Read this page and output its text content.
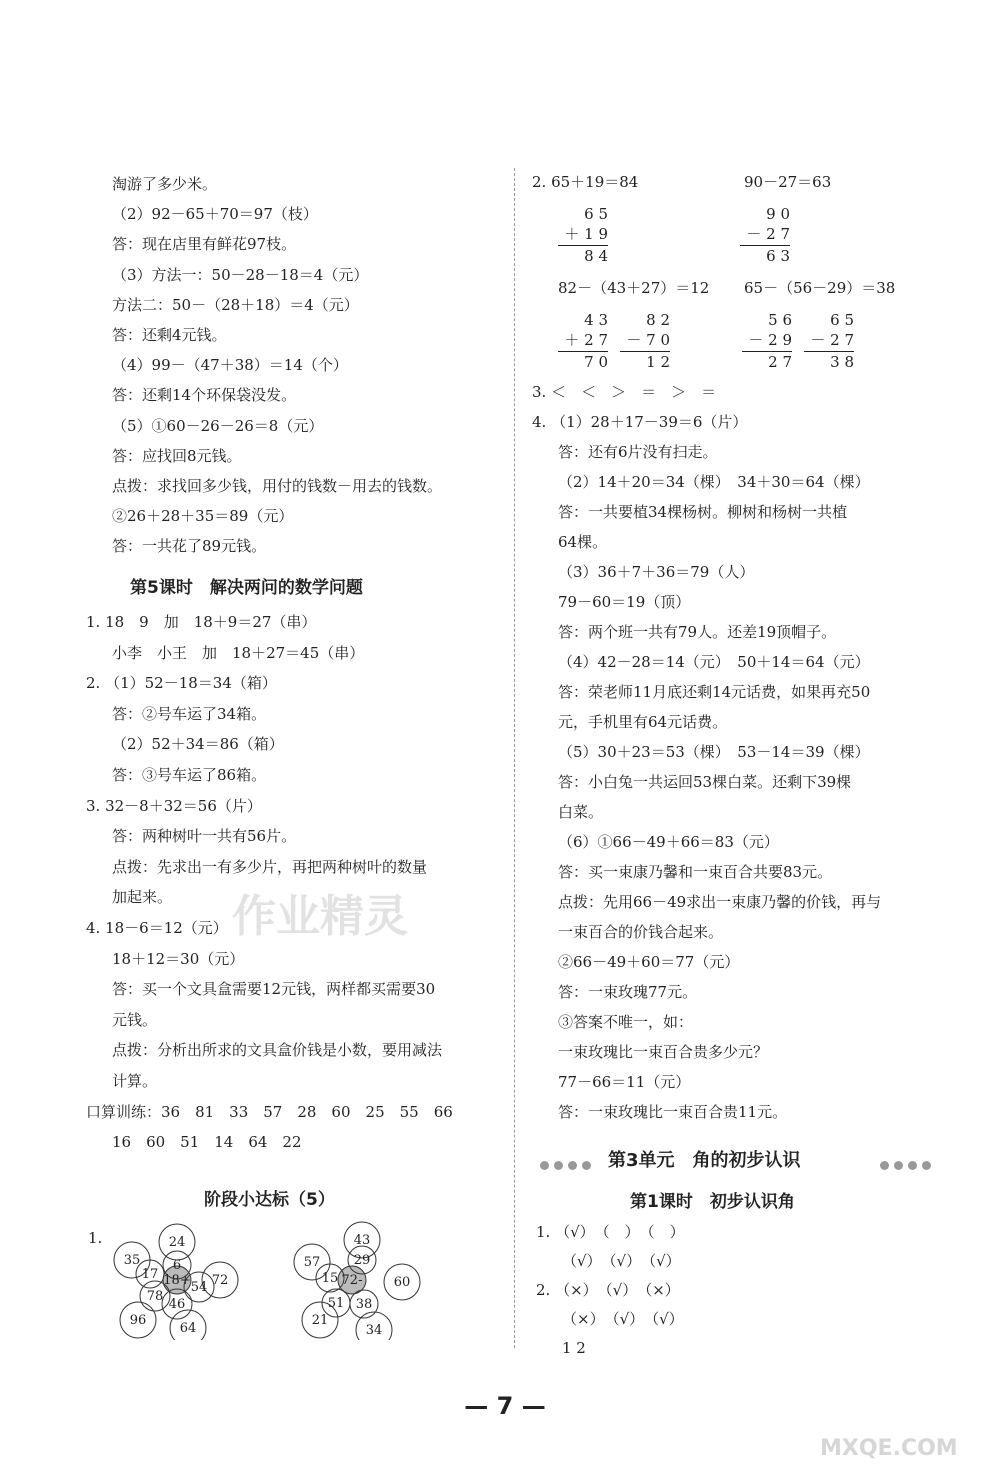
淘游了多少米。
（2）92－65＋70＝97（枝）
答：现在店里有鲜花97枝。
（3）方法一：50－28－18＝4（元）
方法二：50－（28＋18）＝4（元）
答：还剩4元钱。
（4）99－（47＋38）＝14（个）
答：还剩14个环保袋没发。
（5）①60－26－26＝8（元）
答：应找回8元钱。
点拨：求找回多少钱，用付的钱数－用去的钱数。
②26＋28＋35＝89（元）
答：一共花了89元钱。
第5课时　解决两问的数学问题
1. 18　9　加　18＋9＝27（串）
小李　小王　加　18＋27＝45（串）
2. （1）52－18＝34（箱）
答：②号车运了34箱。
（2）52＋34＝86（箱）
答：③号车运了86箱。
3. 32－8＋32＝56（片）
答：两种树叶一共有56片。
点拨：先求出一有多少片，再把两种树叶的数量
加起来。
4. 18－6＝12（元）
18＋12＝30（元）
答：买一个文具盒需要12元钱，两样都买需要30
元钱。
点拨：分析出所求的文具盒价钱是小数，要用减法
计算。
口算训练：36　81　33　57　28　60　25　55　66
16　60　51　14　64　22
阶段小达标（5）
1.
18+
24
6
54
46
78
17
35
72
64
96
72-
43
29
15
38
51
57
60
34
21
2. 65＋19＝84	90－27＝63
6 5
＋ 1 9
8 4
9 0
－ 2 7
6 3
82－（43＋27）＝12 65－（56－29）＝38
4 3
＋ 2 7
7 0
8 2
－ 7 0
1 2
5 6
－ 2 9
2 7
6 5
－ 2 7
3 8
3. ＜　＜　＞　＝　＞　＝
4. （1）28＋17－39＝6（片）
答：还有6片没有扫走。
（2）14＋20＝34（棵）　34＋30＝64（棵）
答：一共要植34棵杨树。柳树和杨树一共植
64棵。
（3）36＋7＋36＝79（人）
79－60＝19（顶）
答：两个班一共有79人。还差19顶帽子。
（4）42－28＝14（元）　50＋14＝64（元）
答：荣老师11月底还剩14元话费，如果再充50
元，手机里有64元话费。
（5）30＋23＝53（棵）　53－14＝39（棵）
答：小白兔一共运回53棵白菜。还剩下39棵
白菜。
（6）①66－49＋66＝83（元）
答：买一束康乃馨和一束百合共要83元。
点拨：先用66－49求出一束康乃馨的价钱，再与
一束百合的价钱合起来。
②66－49＋60＝77（元）
答：一束玫瑰77元。
③答案不唯一，如：
一束玫瑰比一束百合贵多少元？
77－66＝11（元）
答：一束玫瑰比一束百合贵11元。
第3单元　角的初步认识
第1课时　初步认识角
1. （√）　（　）　（　）
（√）　（√）　（√）
2. （×）　（√）　（×）
（×）　（√）　（√）
1 2
— 7 —
作业精灵
MXQE.COM
